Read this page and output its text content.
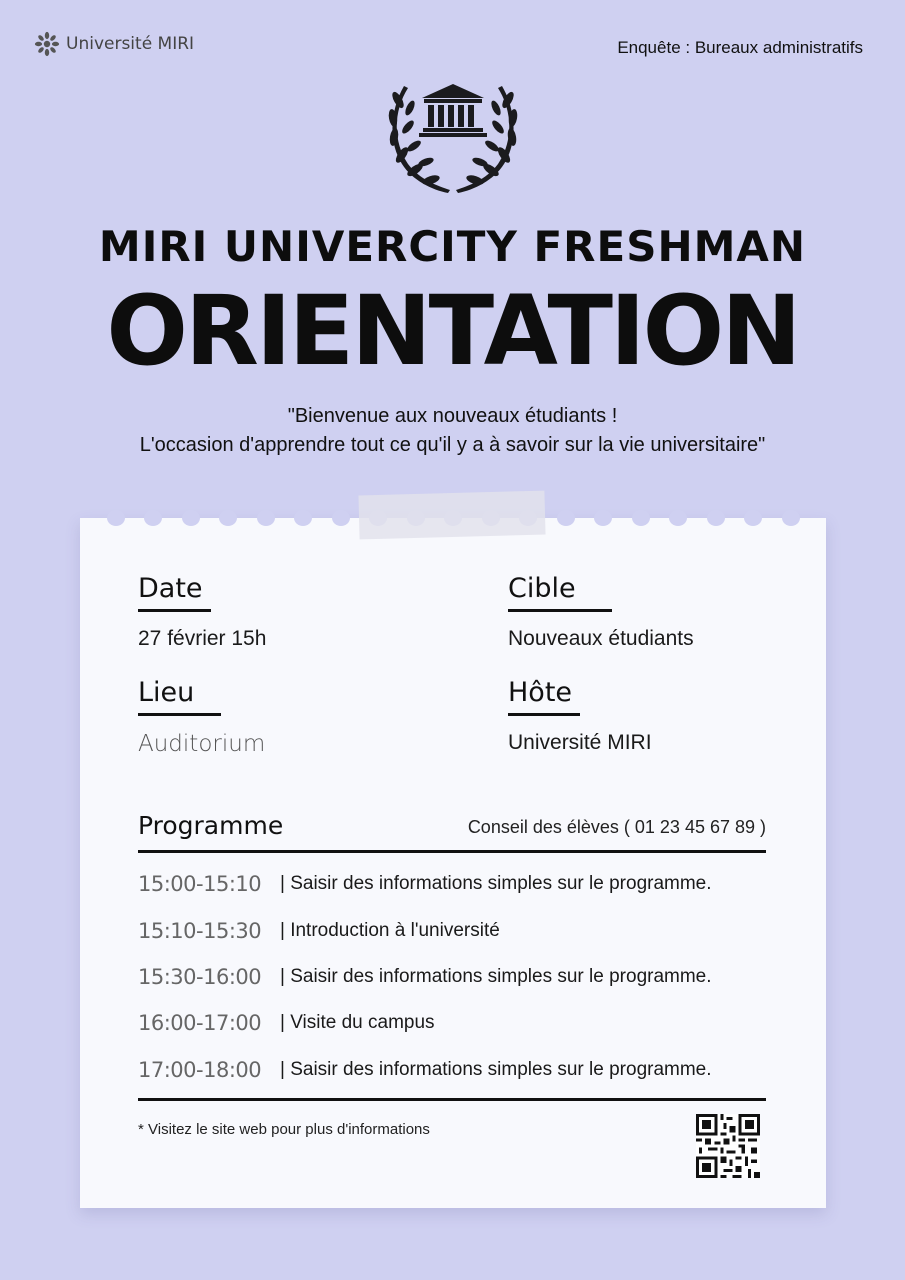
Université MIRI	Enquête : Bureaux administratifs
MIRI UNIVERCITY FRESHMAN
ORIENTATION
"Bienvenue aux nouveaux étudiants !
L'occasion d'apprendre tout ce qu'il y a à savoir sur la vie universitaire"
Date
27 février 15h
Cible
Nouveaux étudiants
Lieu
Auditorium
Hôte
Université MIRI
Programme	Conseil des élèves ( 01 23 45 67 89 )
15:00-15:10 | Saisir des informations simples sur le programme.
15:10-15:30 | Introduction à l'université
15:30-16:00 | Saisir des informations simples sur le programme.
16:00-17:00 | Visite du campus
17:00-18:00 | Saisir des informations simples sur le programme.
* Visitez le site web pour plus d'informations
